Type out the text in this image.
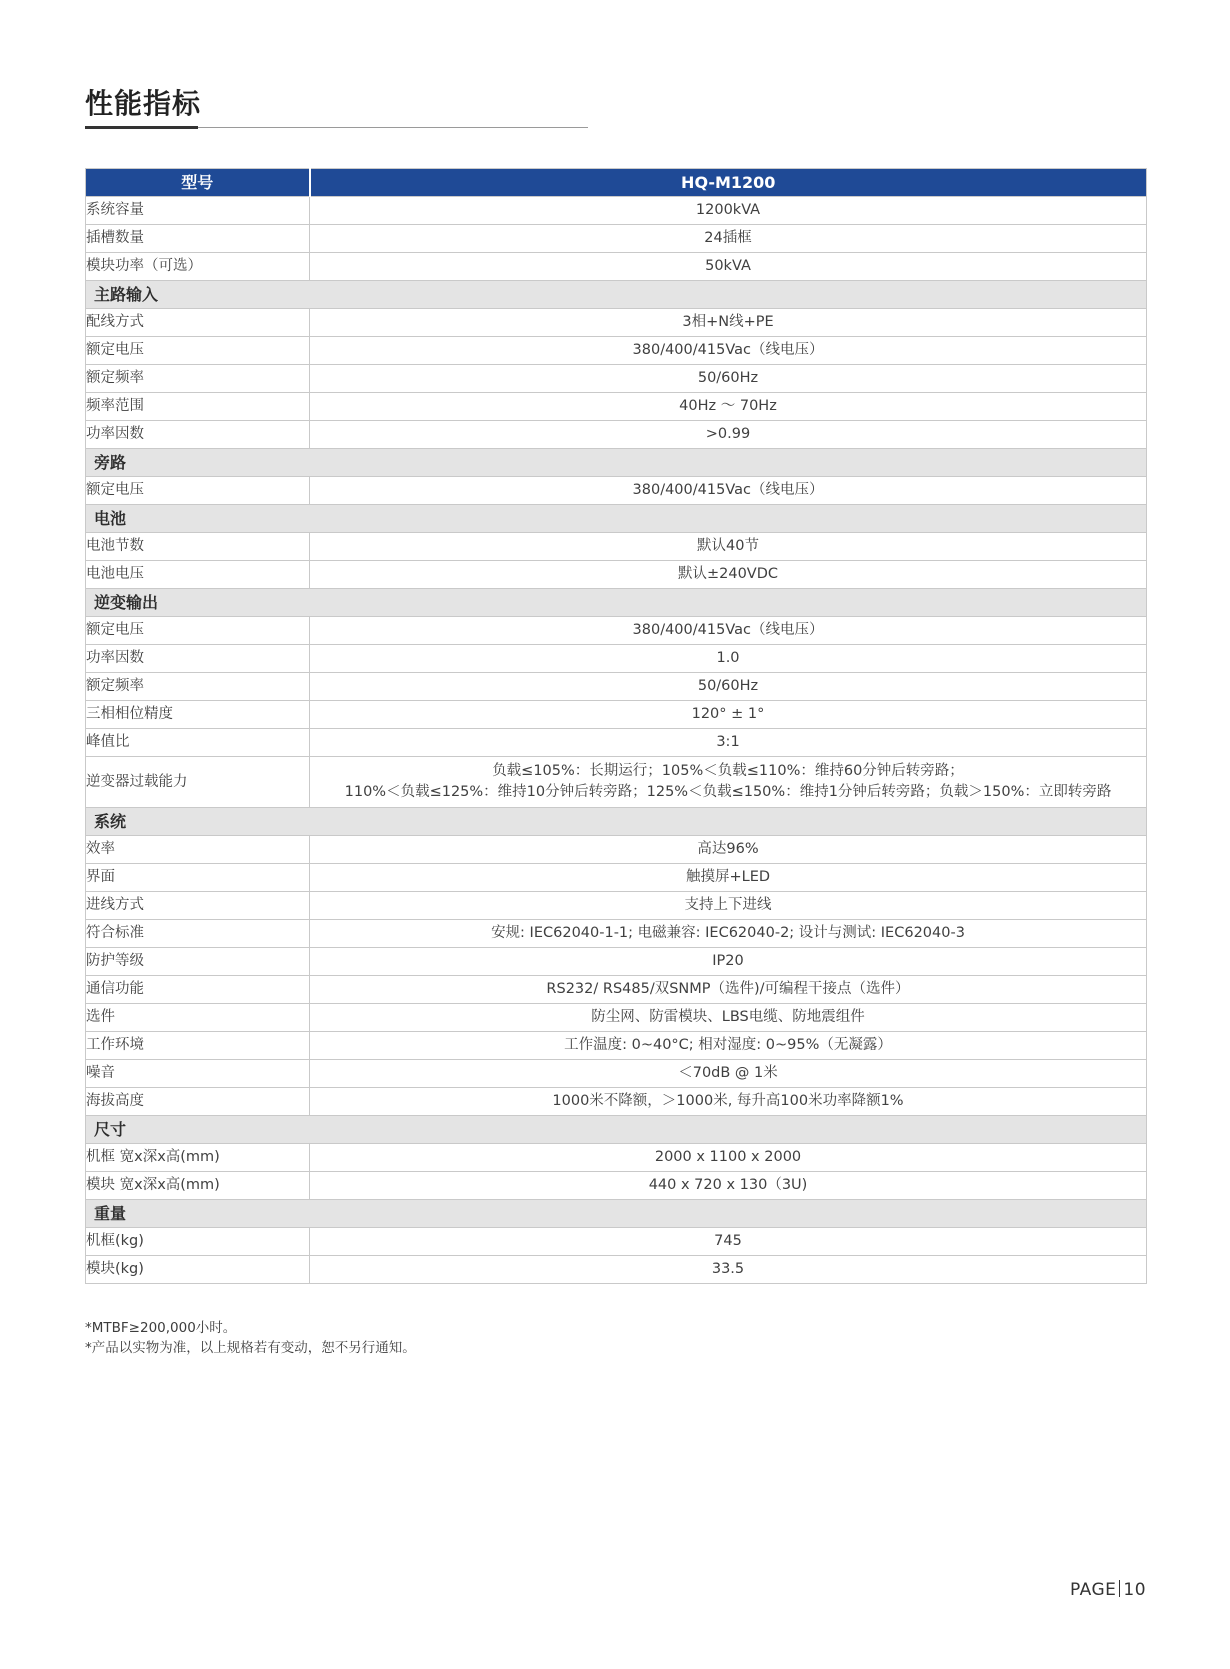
性能指标
型号	HQ-M1200
系统容量	1200kVA
插槽数量	24插框
模块功率（可选）	50kVA
主路输入	
配线方式	3相+N线+PE
额定电压	380/400/415Vac（线电压）
额定频率	50/60Hz
频率范围	40Hz ～ 70Hz
功率因数	>0.99
旁路	
额定电压	380/400/415Vac（线电压）
电池	
电池节数	默认40节
电池电压	默认±240VDC
逆变输出	
额定电压	380/400/415Vac（线电压）
功率因数	1.0
额定频率	50/60Hz
三相相位精度	120° ± 1°
峰值比	3:1
逆变器过载能力	负载≤105%：长期运行；105%＜负载≤110%：维持60分钟后转旁路；
110%＜负载≤125%：维持10分钟后转旁路；125%＜负载≤150%：维持1分钟后转旁路；负载＞150%：立即转旁路

系统	
效率	高达96%
界面	触摸屏+LED
进线方式	支持上下进线
符合标准	安规: IEC62040-1-1; 电磁兼容: IEC62040-2; 设计与测试: IEC62040-3
防护等级	IP20
通信功能	RS232/ RS485/双SNMP（选件)/可编程干接点（选件）
选件	防尘网、防雷模块、LBS电缆、防地震组件
工作环境	工作温度: 0~40°C; 相对湿度: 0~95%（无凝露）
噪音	＜70dB @ 1米
海拔高度	1000米不降额，＞1000米, 每升高100米功率降额1%
尺寸	
机框 宽x深x高(mm)	2000 x 1100 x 2000
模块 宽x深x高(mm)	440 x 720 x 130（3U)
重量	
机框(kg)	745
模块(kg)	33.5
*MTBF≥200,000小时。
*产品以实物为准，以上规格若有变动，恕不另行通知。
PAGE 10
